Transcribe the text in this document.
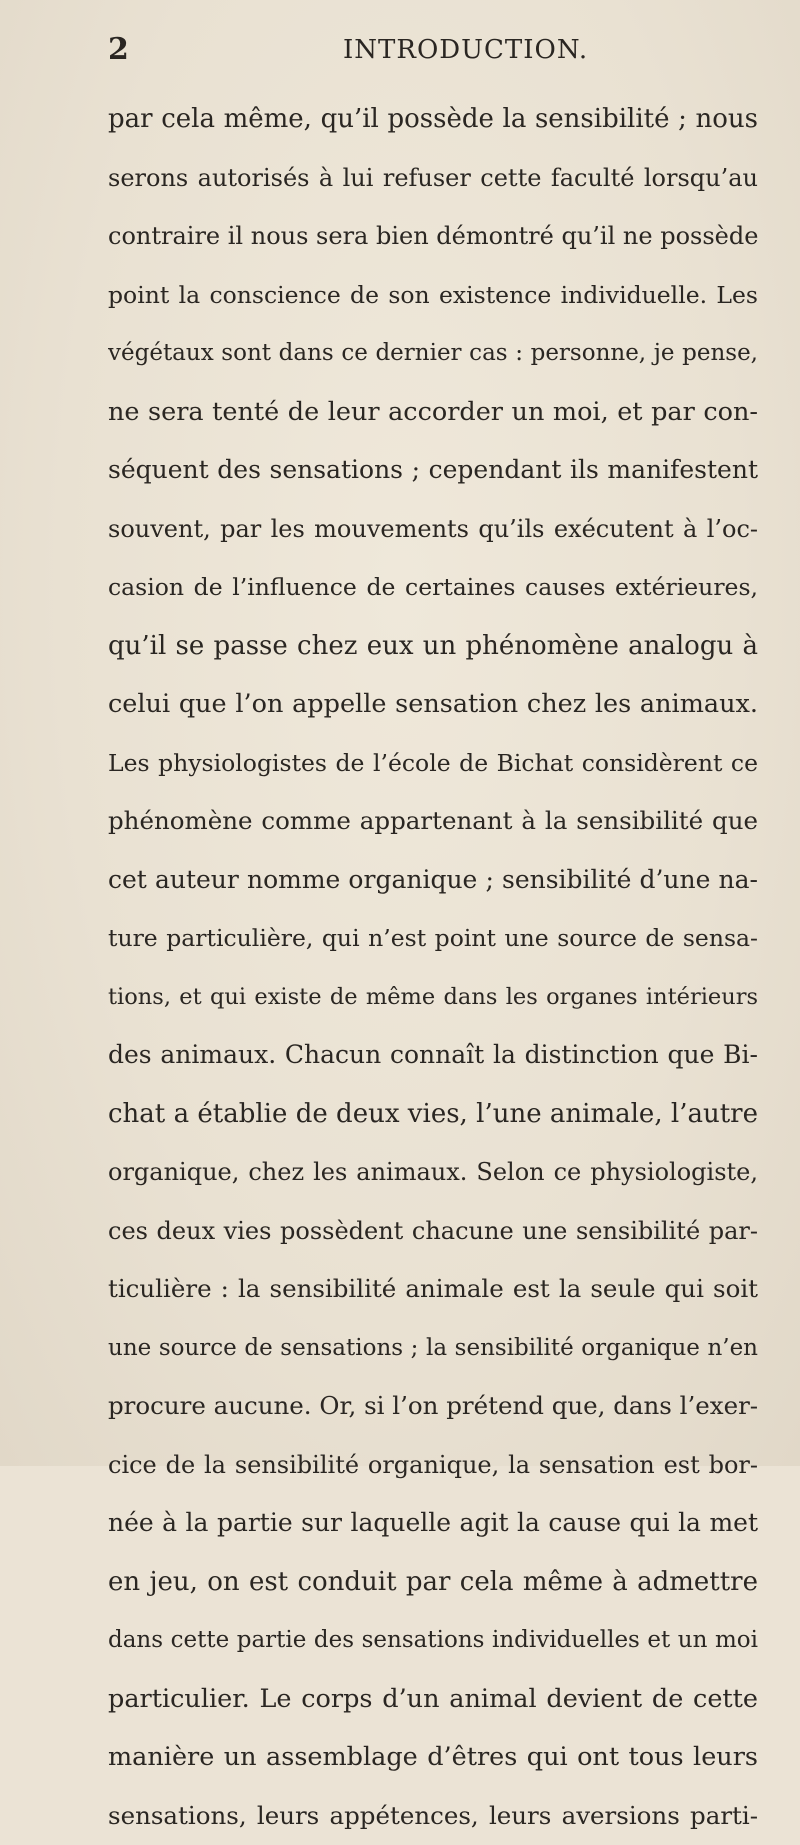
2	INTRODUCTION.
par cela même, qu’il possède la sensibilité ; nous
serons autorisés à lui refuser cette faculté lorsqu’au
contraire il nous sera bien démontré qu’il ne possède
point la conscience de son existence individuelle. Les
végétaux sont dans ce dernier cas : personne, je pense,
ne sera tenté de leur accorder un moi, et par con-
séquent des sensations ; cependant ils manifestent
souvent, par les mouvements qu’ils exécutent à l’oc-
casion de l’influence de certaines causes extérieures,
qu’il se passe chez eux un phénomène analogu à
celui que l’on appelle sensation chez les animaux.
Les physiologistes de l’école de Bichat considèrent ce
phénomène comme appartenant à la sensibilité que
cet auteur nomme organique ; sensibilité d’une na-
ture particulière, qui n’est point une source de sensa-
tions, et qui existe de même dans les organes intérieurs
des animaux. Chacun connaît la distinction que Bi-
chat a établie de deux vies, l’une animale, l’autre
organique, chez les animaux. Selon ce physiologiste,
ces deux vies possèdent chacune une sensibilité par-
ticulière : la sensibilité animale est la seule qui soit
une source de sensations ; la sensibilité organique n’en
procure aucune. Or, si l’on prétend que, dans l’exer-
cice de la sensibilité organique, la sensation est bor-
née à la partie sur laquelle agit la cause qui la met
en jeu, on est conduit par cela même à admettre
dans cette partie des sensations individuelles et un moi
particulier. Le corps d’un animal devient de cette
manière un assemblage d’êtres qui ont tous leurs
sensations, leurs appétences, leurs aversions parti-
